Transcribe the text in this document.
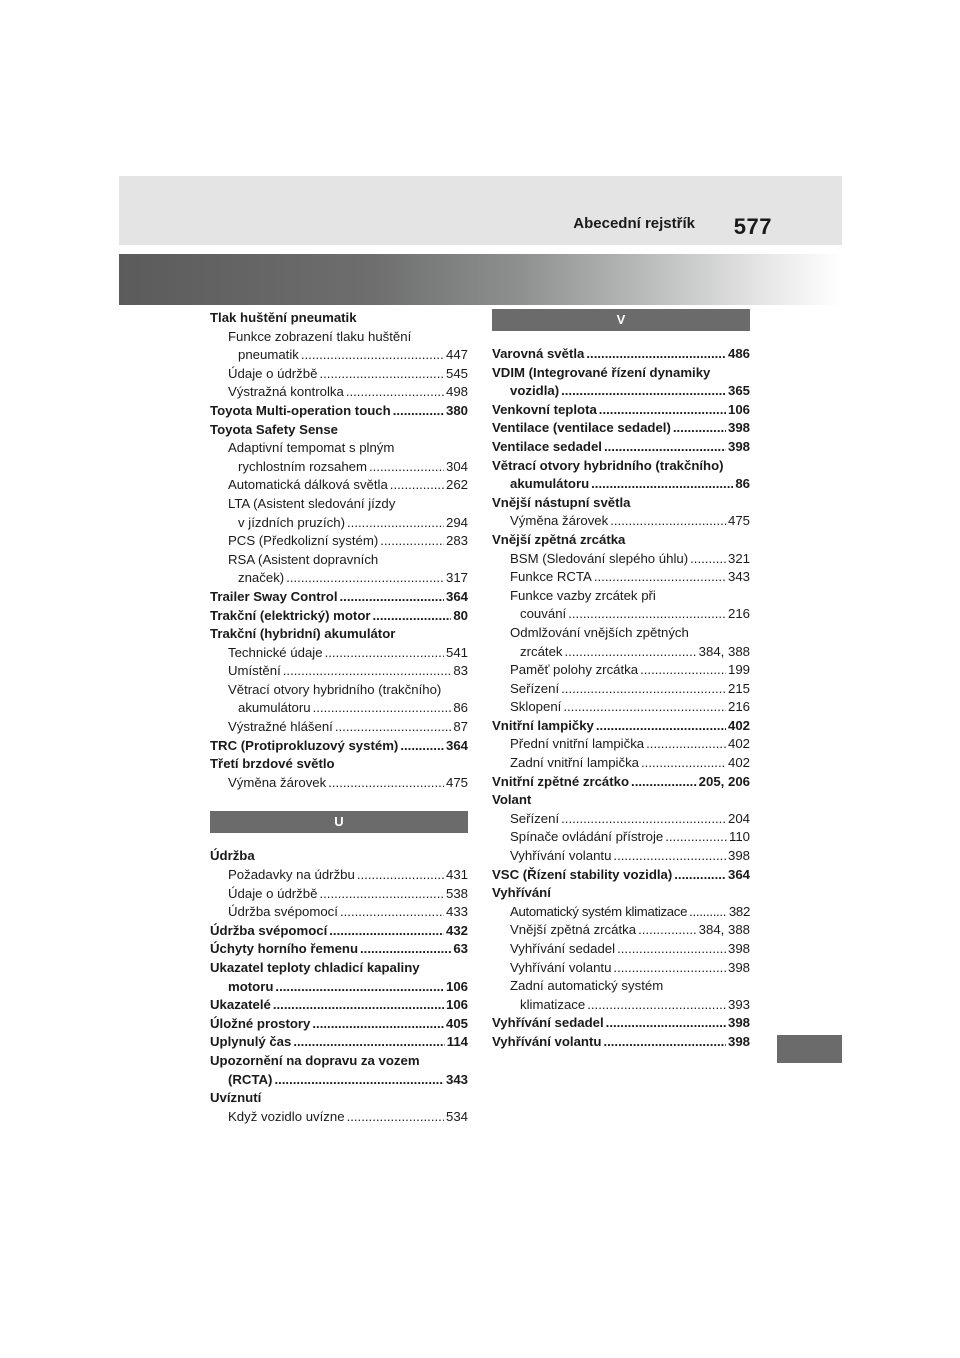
Abecední rejstřík 577
Tlak huštění pneumatik
Funkce zobrazení tlaku huštění
pneumatik .....	447
Údaje o údržbě .....	545
Výstražná kontrolka .....	498
Toyota Multi-operation touch .....	380
Toyota Safety Sense
Adaptivní tempomat s plným
rychlostním rozsahem .....	304
Automatická dálková světla .....	262
LTA (Asistent sledování jízdy
v jízdních pruzích) .....	294
PCS (Předkolizní systém) .....	283
RSA (Asistent dopravních
značek) .....	317
Trailer Sway Control .....	364
Trakční (elektrický) motor .....	80
Trakční (hybridní) akumulátor
Technické údaje .....	541
Umístění .....	83
Větrací otvory hybridního (trakčního)
akumulátoru .....	86
Výstražné hlášení .....	87
TRC (Protiprokluzový systém) .....	364
Třetí brzdové světlo
Výměna žárovek .....	475
U
Údržba
Požadavky na údržbu .....	431
Údaje o údržbě .....	538
Údržba svépomocí .....	433
Údržba svépomocí .....	432
Úchyty horního řemenu .....	63
Ukazatel teploty chladicí kapaliny
motoru .....	106
Ukazatelé .....	106
Úložné prostory .....	405
Uplynulý čas .....	114
Upozornění na dopravu za vozem
(RCTA) .....	343
Uvíznutí
Když vozidlo uvízne .....	534
V
Varovná světla .....	486
VDIM (Integrované řízení dynamiky
vozidla) .....	365
Venkovní teplota .....	106
Ventilace (ventilace sedadel) .....	398
Ventilace sedadel .....	398
Větrací otvory hybridního (trakčního)
akumulátoru .....	86
Vnější nástupní světla
Výměna žárovek .....	475
Vnější zpětná zrcátka
BSM (Sledování slepého úhlu) .....	321
Funkce RCTA .....	343
Funkce vazby zrcátek při
couvání .....	216
Odmlžování vnějších zpětných
zrcátek .....	384, 388
Paměť polohy zrcátka .....	199
Seřízení .....	215
Sklopení .....	216
Vnitřní lampičky .....	402
Přední vnitřní lampička .....	402
Zadní vnitřní lampička .....	402
Vnitřní zpětné zrcátko .....	205, 206
Volant
Seřízení .....	204
Spínače ovládání přístroje .....	110
Vyhřívání volantu .....	398
VSC (Řízení stability vozidla) .....	364
Vyhřívání
Automatický systém klimatizace .....	382
Vnější zpětná zrcátka .....	384, 388
Vyhřívání sedadel .....	398
Vyhřívání volantu .....	398
Zadní automatický systém
klimatizace .....	393
Vyhřívání sedadel .....	398
Vyhřívání volantu .....	398
